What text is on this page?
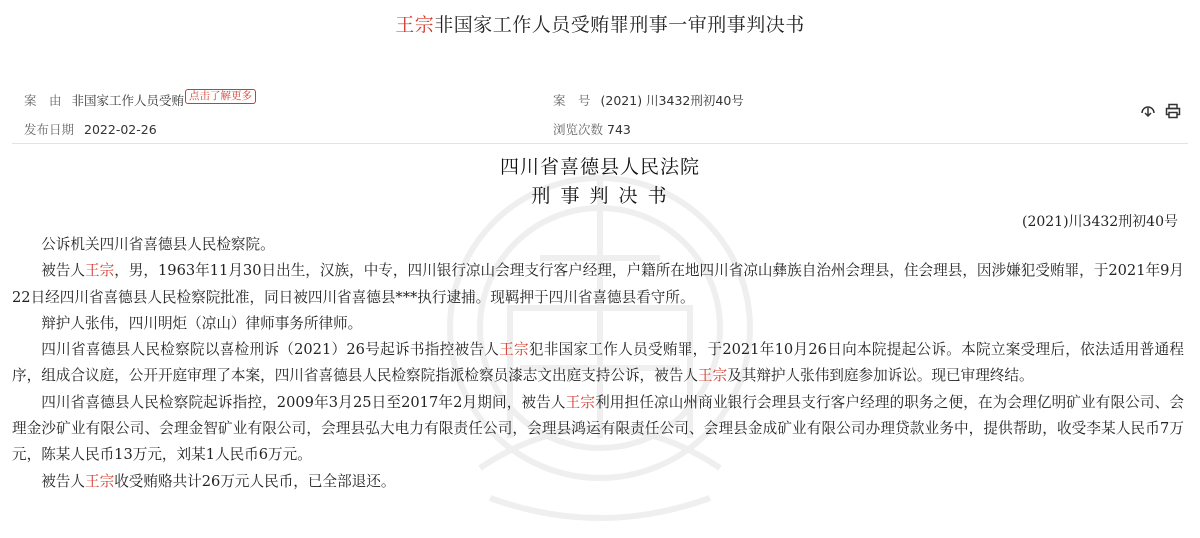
王宗非国家工作人员受贿罪刑事一审刑事判决书
案　由 非国家工作人员受贿 点击了解更多	案　号 (2021) 川3432刑初40号
发布日期 2022-02-26	浏览次数 743

四川省喜德县人民法院
刑 事 判 决 书
(2021)川3432刑初40号

公诉机关四川省喜德县人民检察院。

被告人王宗，男，1963年11月30日出生，汉族，中专，四川银行凉山会理支行客户经理，户籍所在地四川省凉山彝族自治州会理县，住会理县，因涉嫌犯受贿罪，于2021年9月22日经四川省喜德县人民检察院批准，同日被四川省喜德县***执行逮捕。现羁押于四川省喜德县看守所。

辩护人张伟，四川明炬（凉山）律师事务所律师。

四川省喜德县人民检察院以喜检刑诉（2021）26号起诉书指控被告人王宗犯非国家工作人员受贿罪，于2021年10月26日向本院提起公诉。本院立案受理后，依法适用普通程序，组成合议庭，公开开庭审理了本案，四川省喜德县人民检察院指派检察员漆志文出庭支持公诉，被告人王宗及其辩护人张伟到庭参加诉讼。现已审理终结。

四川省喜德县人民检察院起诉指控，2009年3月25日至2017年2月期间，被告人王宗利用担任凉山州商业银行会理县支行客户经理的职务之便，在为会理亿明矿业有限公司、会理金沙矿业有限公司、会理金智矿业有限公司，会理县弘大电力有限责任公司，会理县鸿运有限责任公司、会理县金成矿业有限公司办理贷款业务中，提供帮助，收受李某人民币7万元，陈某人民币13万元，刘某1人民币6万元。

被告人王宗收受贿赂共计26万元人民币，已全部退还。
